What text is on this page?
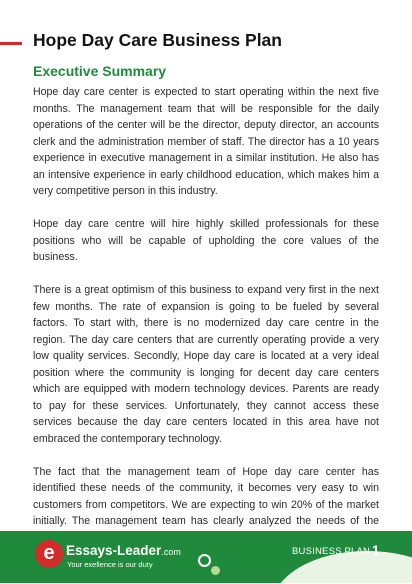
Hope Day Care Business Plan
Executive Summary

Hope day care center is expected to start operating within the next five months. The management team that will be responsible for the daily operations of the center will be the director, deputy director, an accounts clerk and the administration member of staff. The director has a 10 years experience in executive management in a similar institution. He also has an intensive experience in early childhood education, which makes him a very competitive person in this industry.

Hope day care centre will hire highly skilled professionals for these positions who will be capable of upholding the core values of the business.

There is a great optimism of this business to expand very first in the next few months. The rate of expansion is going to be fueled by several factors. To start with, there is no modernized day care centre in the region. The day care centers that are currently operating provide a very low quality services. Secondly, Hope day care is located at a very ideal position where the community is longing for decent day care centers which are equipped with modern technology devices. Parents are ready to pay for these services. Unfortunately, they cannot access these services because the day care centers located in this area have not embraced the contemporary technology.

The fact that the management team of Hope day care center has identified these needs of the community, it becomes very easy to win customers from competitors. We are expecting to win 20% of the market initially. The management team has clearly analyzed the needs of the

e Essays-Leader.com
Your exellence is our duty
BUSINESS PLAN 1
